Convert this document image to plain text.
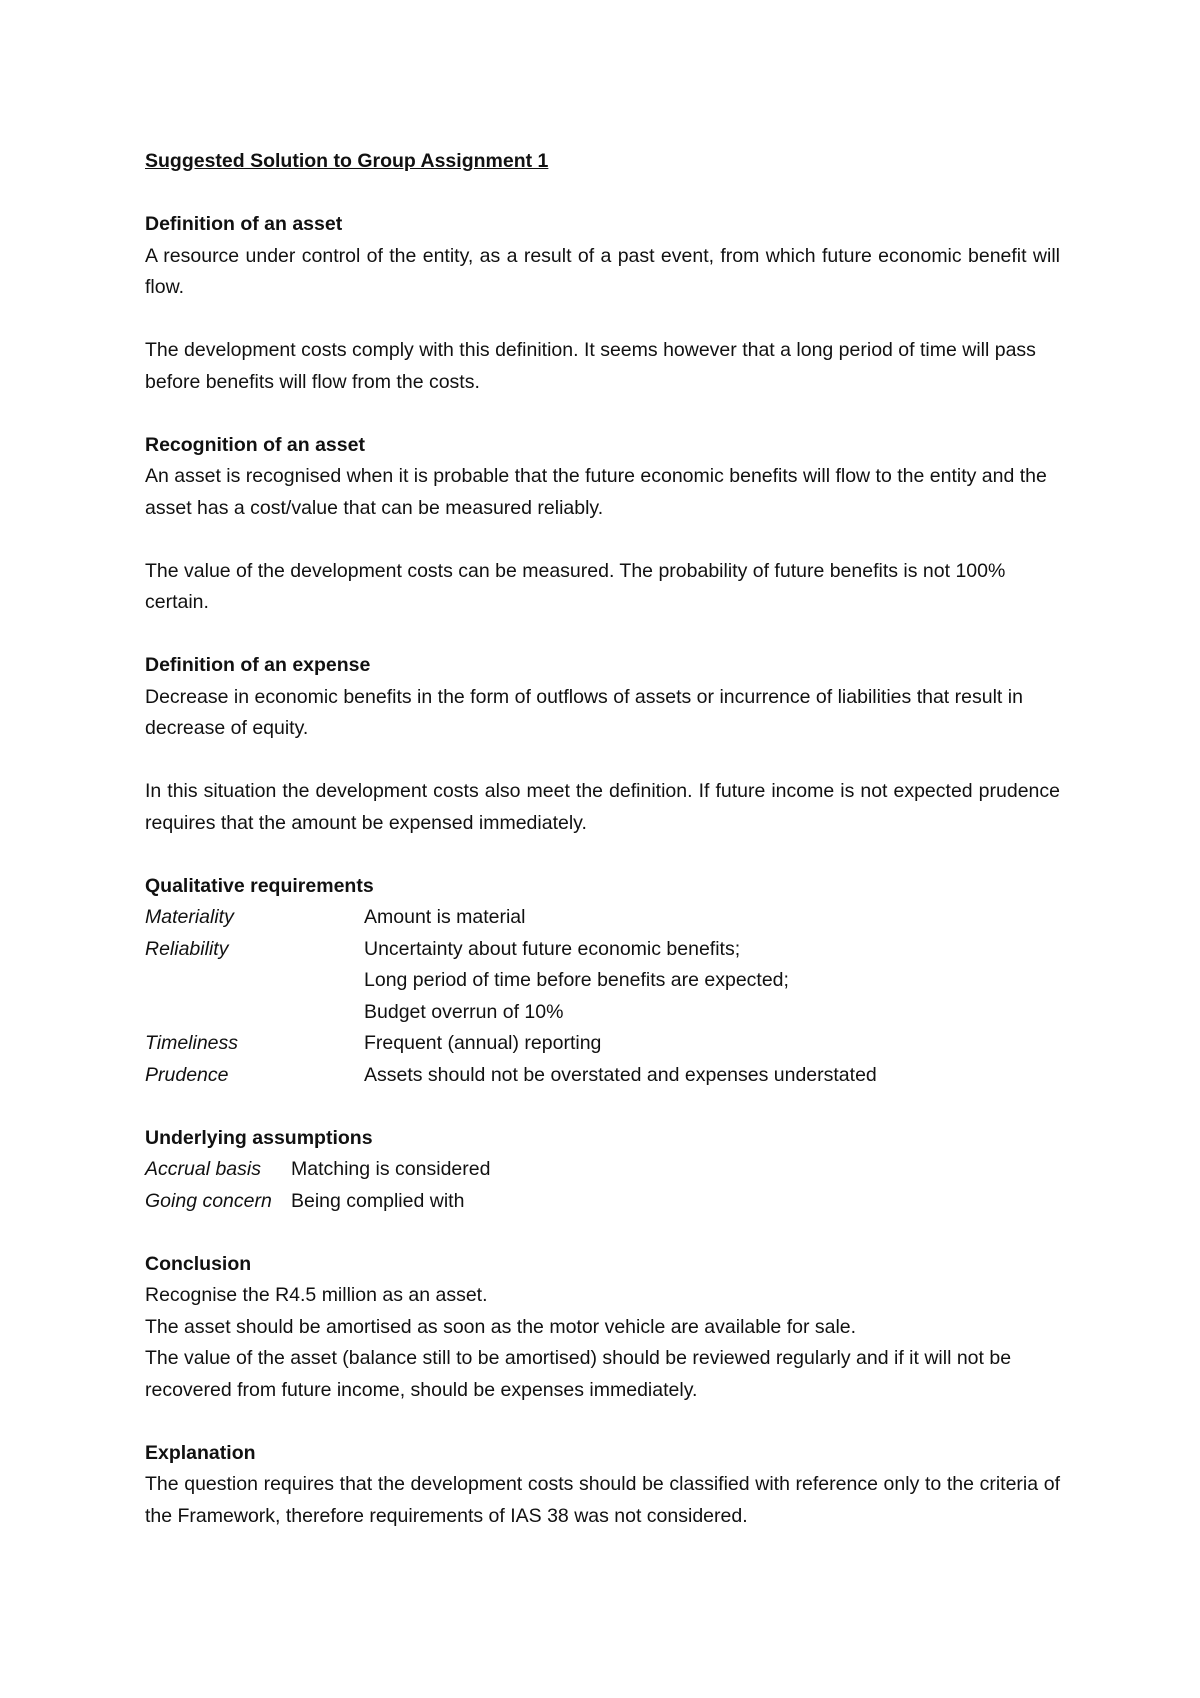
Suggested Solution to Group Assignment 1

Definition of an asset

A resource under control of the entity, as a result of a past event, from which future economic benefit will flow.

The development costs comply with this definition. It seems however that a long period of time will pass before benefits will flow from the costs.

Recognition of an asset

An asset is recognised when it is probable that the future economic benefits will flow to the entity and the asset has a cost/value that can be measured reliably.

The value of the development costs can be measured. The probability of future benefits is not 100% certain.

Definition of an expense

Decrease in economic benefits in the form of outflows of assets or incurrence of liabilities that result in decrease of equity.

In this situation the development costs also meet the definition. If future income is not expected prudence requires that the amount be expensed immediately.

Qualitative requirements

Materiality	Amount is material
Reliability	Uncertainty about future economic benefits;
Long period of time before benefits are expected;
Budget overrun of 10%
Timeliness	Frequent (annual) reporting
Prudence	Assets should not be overstated and expenses understated

Underlying assumptions

Accrual basis	Matching is considered
Going concern Being complied with

Conclusion

Recognise the R4.5 million as an asset.

The asset should be amortised as soon as the motor vehicle are available for sale.

The value of the asset (balance still to be amortised) should be reviewed regularly and if it will not be recovered from future income, should be expenses immediately.

Explanation

The question requires that the development costs should be classified with reference only to the criteria of the Framework, therefore requirements of IAS 38 was not considered.
